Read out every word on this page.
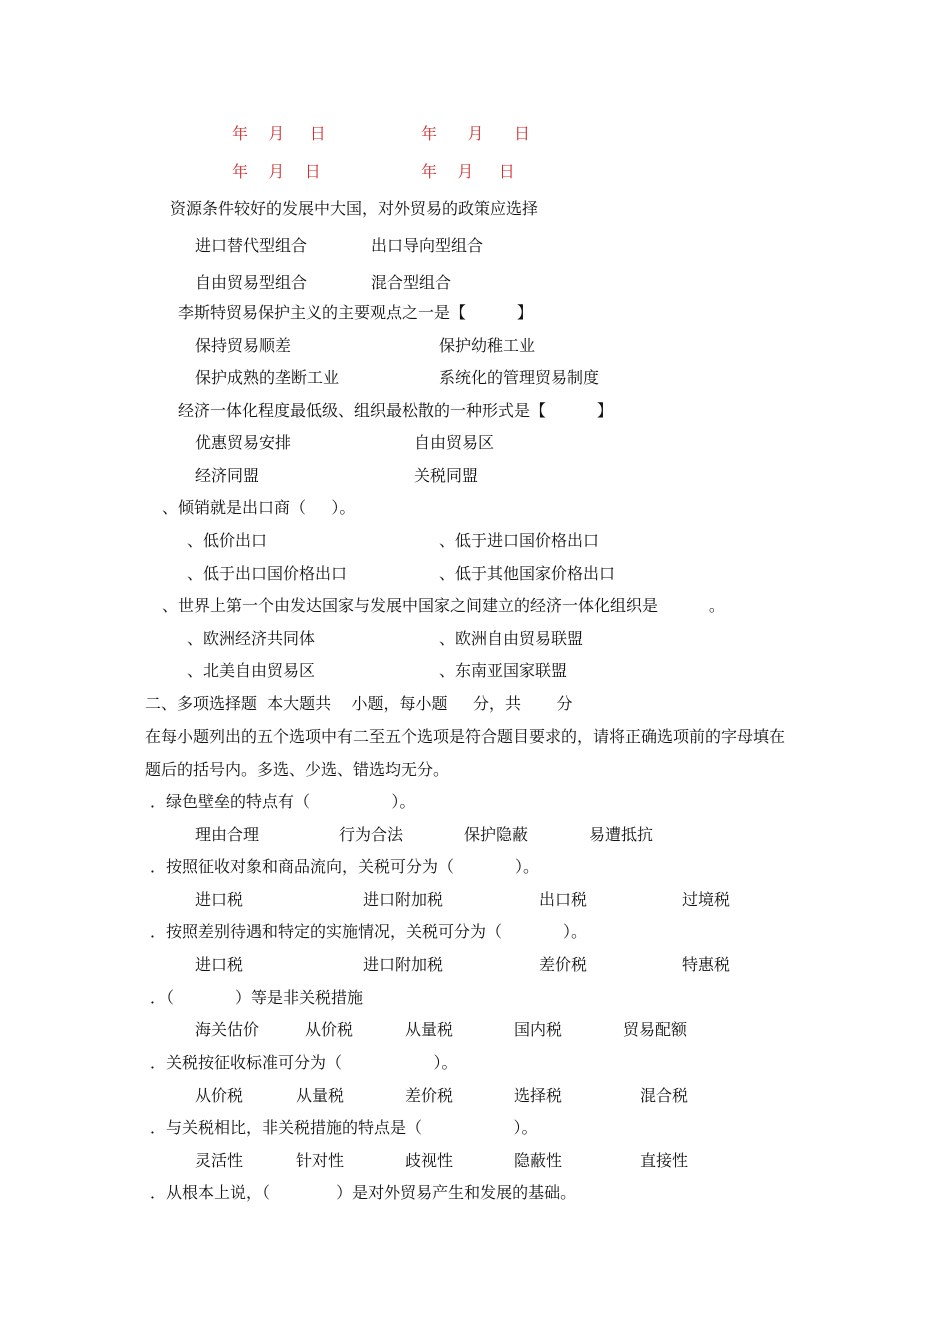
年    月     日	年      月      日
年    月    日	年    月     日
资源条件较好的发展中大国，对外贸易的政策应选择
进口替代型组合	出口导向型组合
自由贸易型组合	混合型组合
李斯特贸易保护主义的主要观点之一是【          】
保持贸易顺差	保护幼稚工业
保护成熟的垄断工业	系统化的管理贸易制度
经济一体化程度最低级、组织最松散的一种形式是【          】
优惠贸易安排	自由贸易区
经济同盟	关税同盟
、倾销就是出口商（     ）。
、低价出口	、低于进口国价格出口
、低于出口国价格出口	、低于其他国家价格出口
、世界上第一个由发达国家与发展中国家之间建立的经济一体化组织是          。
、欧洲经济共同体	、欧洲自由贸易联盟
、北美自由贸易区	、东南亚国家联盟
二、多项选择题  本大题共    小题，每小题     分，共       分
在每小题列出的五个选项中有二至五个选项是符合题目要求的，请将正确选项前的字母填在
题后的括号内。多选、少选、错选均无分。
．绿色壁垒的特点有（                ）。
理由合理	行为合法	保护隐蔽	易遭抵抗
．按照征收对象和商品流向，关税可分为（            ）。
进口税	进口附加税	出口税	过境税
．按照差别待遇和特定的实施情况，关税可分为（            ）。
进口税	进口附加税	差价税	特惠税
．（            ）等是非关税措施
海关估价	从价税	从量税	国内税	贸易配额
．关税按征收标准可分为（                  ）。
从价税	从量税	差价税	选择税	混合税
．与关税相比，非关税措施的特点是（                  ）。
灵活性	针对性	歧视性	隐蔽性	直接性
．从根本上说，（             ）是对外贸易产生和发展的基础。
